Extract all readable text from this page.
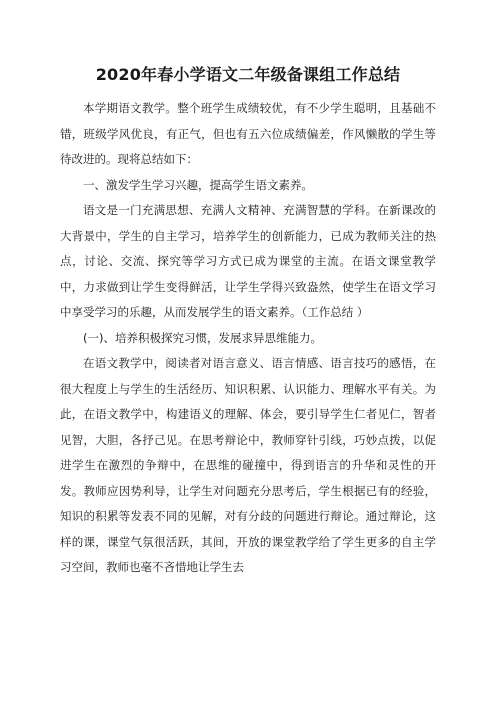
2020年春小学语文二年级备课组工作总结

本学期语文教学。整个班学生成绩较优，有不少学生聪明，且基础不错，班级学风优良，有正气，但也有五六位成绩偏差，作风懒散的学生等待改进的。现将总结如下：

一、激发学生学习兴趣，提高学生语文素养。

语文是一门充满思想、充满人文精神、充满智慧的学科。在新课改的大背景中，学生的自主学习，培养学生的创新能力，已成为教师关注的热点，讨论、交流、探究等学习方式已成为课堂的主流。在语文课堂教学中，力求做到让学生变得鲜活，让学生学得兴致盎然，使学生在语文学习中享受学习的乐趣，从而发展学生的语文素养。（工作总结 ）

(一)、培养积极探究习惯，发展求异思维能力。

在语文教学中，阅读者对语言意义、语言情感、语言技巧的感悟，在很大程度上与学生的生活经历、知识积累、认识能力、理解水平有关。为此，在语文教学中，构建语义的理解、体会，要引导学生仁者见仁，智者见智，大胆，各抒己见。在思考辩论中，教师穿针引线，巧妙点拨，以促进学生在激烈的争辩中，在思维的碰撞中，得到语言的升华和灵性的开发。教师应因势利导，让学生对问题充分思考后，学生根据已有的经验，知识的积累等发表不同的见解，对有分歧的问题进行辩论。通过辩论，这样的课，课堂气氛很活跃，其间，开放的课堂教学给了学生更多的自主学习空间，教师也毫不吝惜地让学生去
